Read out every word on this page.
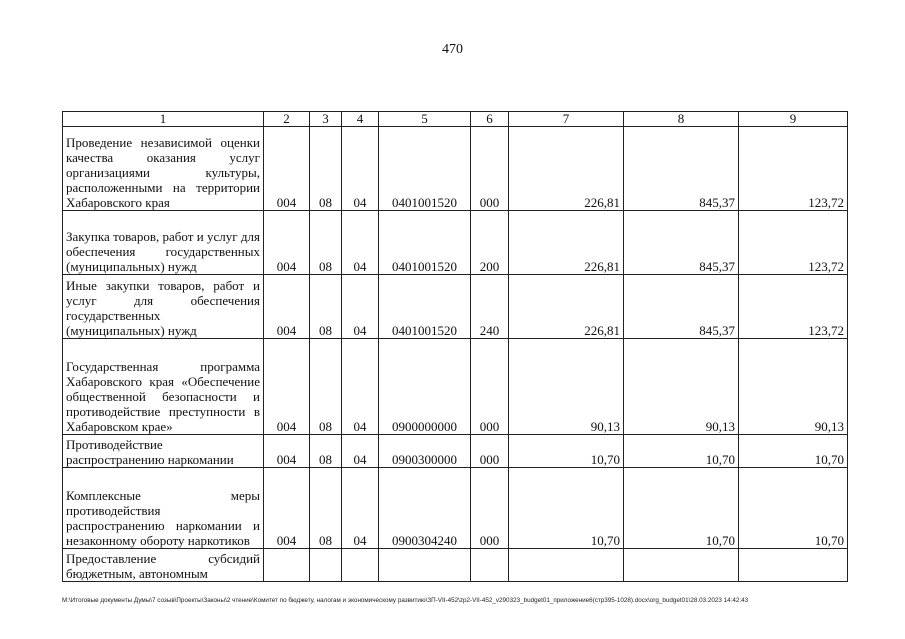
470
1	2	3	4	5	6	7	8	9
Проведение независимой оценки качества оказания услуг организациями культуры, расположенными на территории Хабаровского края	004	08	04	0401001520	000	226,81	845,37	123,72
Закупка товаров, работ и услуг для обеспечения государственных (муниципальных) нужд	004	08	04	0401001520	200	226,81	845,37	123,72
Иные закупки товаров, работ и услуг для обеспечения государственных (муниципальных) нужд	004	08	04	0401001520	240	226,81	845,37	123,72
Государственная программа Хабаровского края «Обеспечение общественной безопасности и противодействие преступности в Хабаровском крае»	004	08	04	0900000000	000	90,13	90,13	90,13
Противодействие распространению наркомании	004	08	04	0900300000	000	10,70	10,70	10,70
Комплексные меры противодействия распространению наркомании и незаконному обороту наркотиков	004	08	04	0900304240	000	10,70	10,70	10,70
Предоставление субсидий бюджетным, автономным								
M:\Итоговые документы Думы\7 созыв\Проекты\Законы\2 чтение\Комитет по бюджету, налогам и экономическому развитию\ЗП-VII-452\zp2-VII-452_v290323_budget01_приложение6(стр395-1028).docx\org_budget01\28.03.2023 14:42:43
